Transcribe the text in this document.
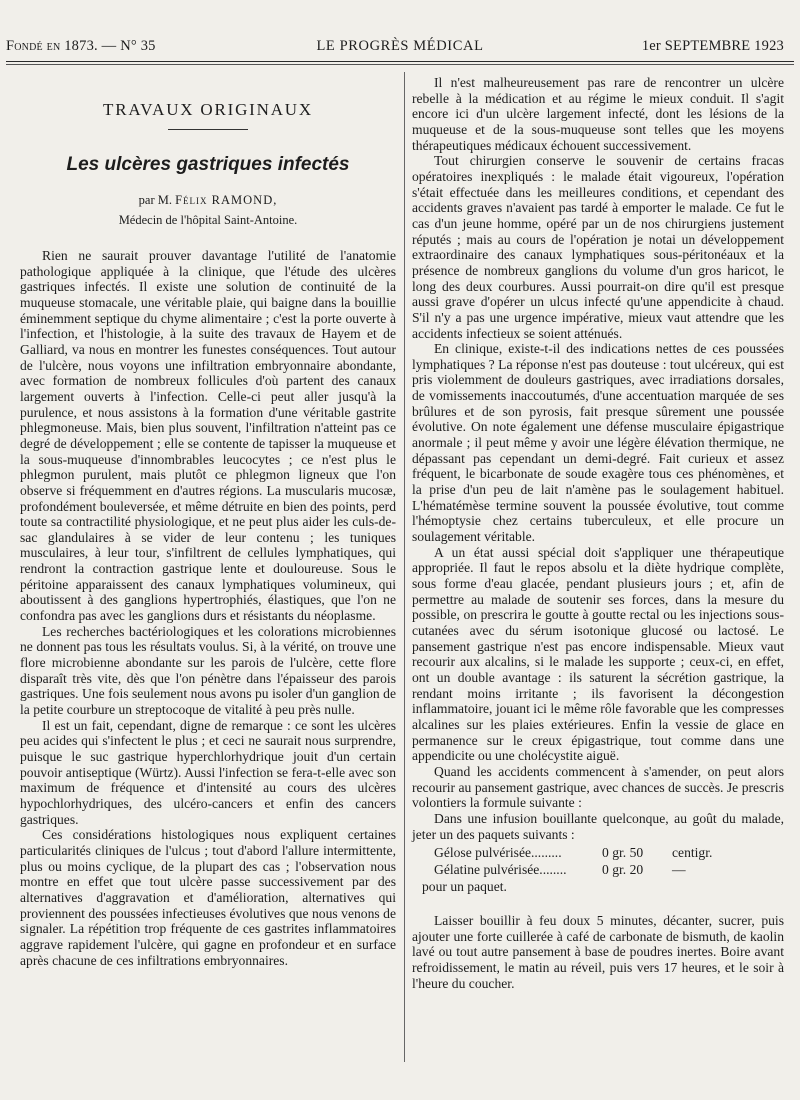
Fondé en 1873. — N° 35	LE PROGRÈS MÉDICAL	1er SEPTEMBRE 1923
TRAVAUX ORIGINAUX
Les ulcères gastriques infectés
par M. Félix RAMOND,
Médecin de l'hôpital Saint-Antoine.

Rien ne saurait prouver davantage l'utilité de l'anatomie pathologique appliquée à la clinique, que l'étude des ulcères gastriques infectés. Il existe une solution de continuité de la muqueuse stomacale, une véritable plaie, qui baigne dans la bouillie éminemment septique du chyme alimentaire ; c'est la porte ouverte à l'infection, et l'histologie, à la suite des travaux de Hayem et de Galliard, va nous en montrer les funestes conséquences. Tout autour de l'ulcère, nous voyons une infiltration embryonnaire abondante, avec formation de nombreux follicules d'où partent des canaux largement ouverts à l'infection. Celle-ci peut aller jusqu'à la purulence, et nous assistons à la formation d'une véritable gastrite phlegmoneuse. Mais, bien plus souvent, l'infiltration n'atteint pas ce degré de développement ; elle se contente de tapisser la muqueuse et la sous-muqueuse d'innombrables leucocytes ; ce n'est plus le phlegmon purulent, mais plutôt ce phlegmon ligneux que l'on observe si fréquemment en d'autres régions. La muscularis mucosæ, profondément bouleversée, et même détruite en bien des points, perd toute sa contractilité physiologique, et ne peut plus aider les culs-de-sac glandulaires à se vider de leur contenu ; les tuniques musculaires, à leur tour, s'infiltrent de cellules lymphatiques, qui rendront la contraction gastrique lente et douloureuse. Sous le péritoine apparaissent des canaux lymphatiques volumineux, qui aboutissent à des ganglions hypertrophiés, élastiques, que l'on ne confondra pas avec les ganglions durs et résistants du néoplasme.

Les recherches bactériologiques et les colorations microbiennes ne donnent pas tous les résultats voulus. Si, à la vérité, on trouve une flore microbienne abondante sur les parois de l'ulcère, cette flore disparaît très vite, dès que l'on pénètre dans l'épaisseur des parois gastriques. Une fois seulement nous avons pu isoler d'un ganglion de la petite courbure un streptocoque de vitalité à peu près nulle.

Il est un fait, cependant, digne de remarque : ce sont les ulcères peu acides qui s'infectent le plus ; et ceci ne saurait nous surprendre, puisque le suc gastrique hyperchlorhydrique jouit d'un certain pouvoir antiseptique (Würtz). Aussi l'infection se fera-t-elle avec son maximum de fréquence et d'intensité au cours des ulcères hypochlorhydriques, des ulcéro-cancers et enfin des cancers gastriques.

Ces considérations histologiques nous expliquent certaines particularités cliniques de l'ulcus ; tout d'abord l'allure intermittente, plus ou moins cyclique, de la plupart des cas ; l'observation nous montre en effet que tout ulcère passe successivement par des alternatives d'aggravation et d'amélioration, alternatives qui proviennent des poussées infectieuses évolutives que nous venons de signaler. La répétition trop fréquente de ces gastrites inflammatoires aggrave rapidement l'ulcère, qui gagne en profondeur et en surface après chacune de ces infiltrations embryonnaires.

Il n'est malheureusement pas rare de rencontrer un ulcère rebelle à la médication et au régime le mieux conduit. Il s'agit encore ici d'un ulcère largement infecté, dont les lésions de la muqueuse et de la sous-muqueuse sont telles que les moyens thérapeutiques médicaux échouent successivement.

Tout chirurgien conserve le souvenir de certains fracas opératoires inexpliqués : le malade était vigoureux, l'opération s'était effectuée dans les meilleures conditions, et cependant des accidents graves n'avaient pas tardé à emporter le malade. Ce fut le cas d'un jeune homme, opéré par un de nos chirurgiens justement réputés ; mais au cours de l'opération je notai un développement extraordinaire des canaux lymphatiques sous-péritonéaux et la présence de nombreux ganglions du volume d'un gros haricot, le long des deux courbures. Aussi pourrait-on dire qu'il est presque aussi grave d'opérer un ulcus infecté qu'une appendicite à chaud. S'il n'y a pas une urgence impérative, mieux vaut attendre que les accidents infectieux se soient atténués.

En clinique, existe-t-il des indications nettes de ces poussées lymphatiques ? La réponse n'est pas douteuse : tout ulcéreux, qui est pris violemment de douleurs gastriques, avec irradiations dorsales, de vomissements inaccoutumés, d'une accentuation marquée de ses brûlures et de son pyrosis, fait presque sûrement une poussée évolutive. On note également une défense musculaire épigastrique anormale ; il peut même y avoir une légère élévation thermique, ne dépassant pas cependant un demi-degré. Fait curieux et assez fréquent, le bicarbonate de soude exagère tous ces phénomènes, et la prise d'un peu de lait n'amène pas le soulagement habituel. L'hématémèse termine souvent la poussée évolutive, tout comme l'hémoptysie chez certains tuberculeux, et elle procure un soulagement véritable.

A un état aussi spécial doit s'appliquer une thérapeutique appropriée. Il faut le repos absolu et la diète hydrique complète, sous forme d'eau glacée, pendant plusieurs jours ; et, afin de permettre au malade de soutenir ses forces, dans la mesure du possible, on prescrira le goutte à goutte rectal ou les injections sous-cutanées avec du sérum isotonique glucosé ou lactosé. Le pansement gastrique n'est pas encore indispensable. Mieux vaut recourir aux alcalins, si le malade les supporte ; ceux-ci, en effet, ont un double avantage : ils saturent la sécrétion gastrique, la rendant moins irritante ; ils favorisent la décongestion inflammatoire, jouant ici le même rôle favorable que les compresses alcalines sur les plaies extérieures. Enfin la vessie de glace en permanence sur le creux épigastrique, tout comme dans une appendicite ou une cholécystite aiguë.

Quand les accidents commencent à s'amender, on peut alors recourir au pansement gastrique, avec chances de succès. Je prescris volontiers la formule suivante :

Dans une infusion bouillante quelconque, au goût du malade, jeter un des paquets suivants :

Gélose pulvérisée.........	0 gr. 50	centigr.
Gélatine pulvérisée........	0 gr. 20	—
pour un paquet.

Laisser bouillir à feu doux 5 minutes, décanter, sucrer, puis ajouter une forte cuillerée à café de carbonate de bismuth, de kaolin lavé ou tout autre pansement à base de poudres inertes. Boire avant refroidissement, le matin au réveil, puis vers 17 heures, et le soir à l'heure du coucher.
